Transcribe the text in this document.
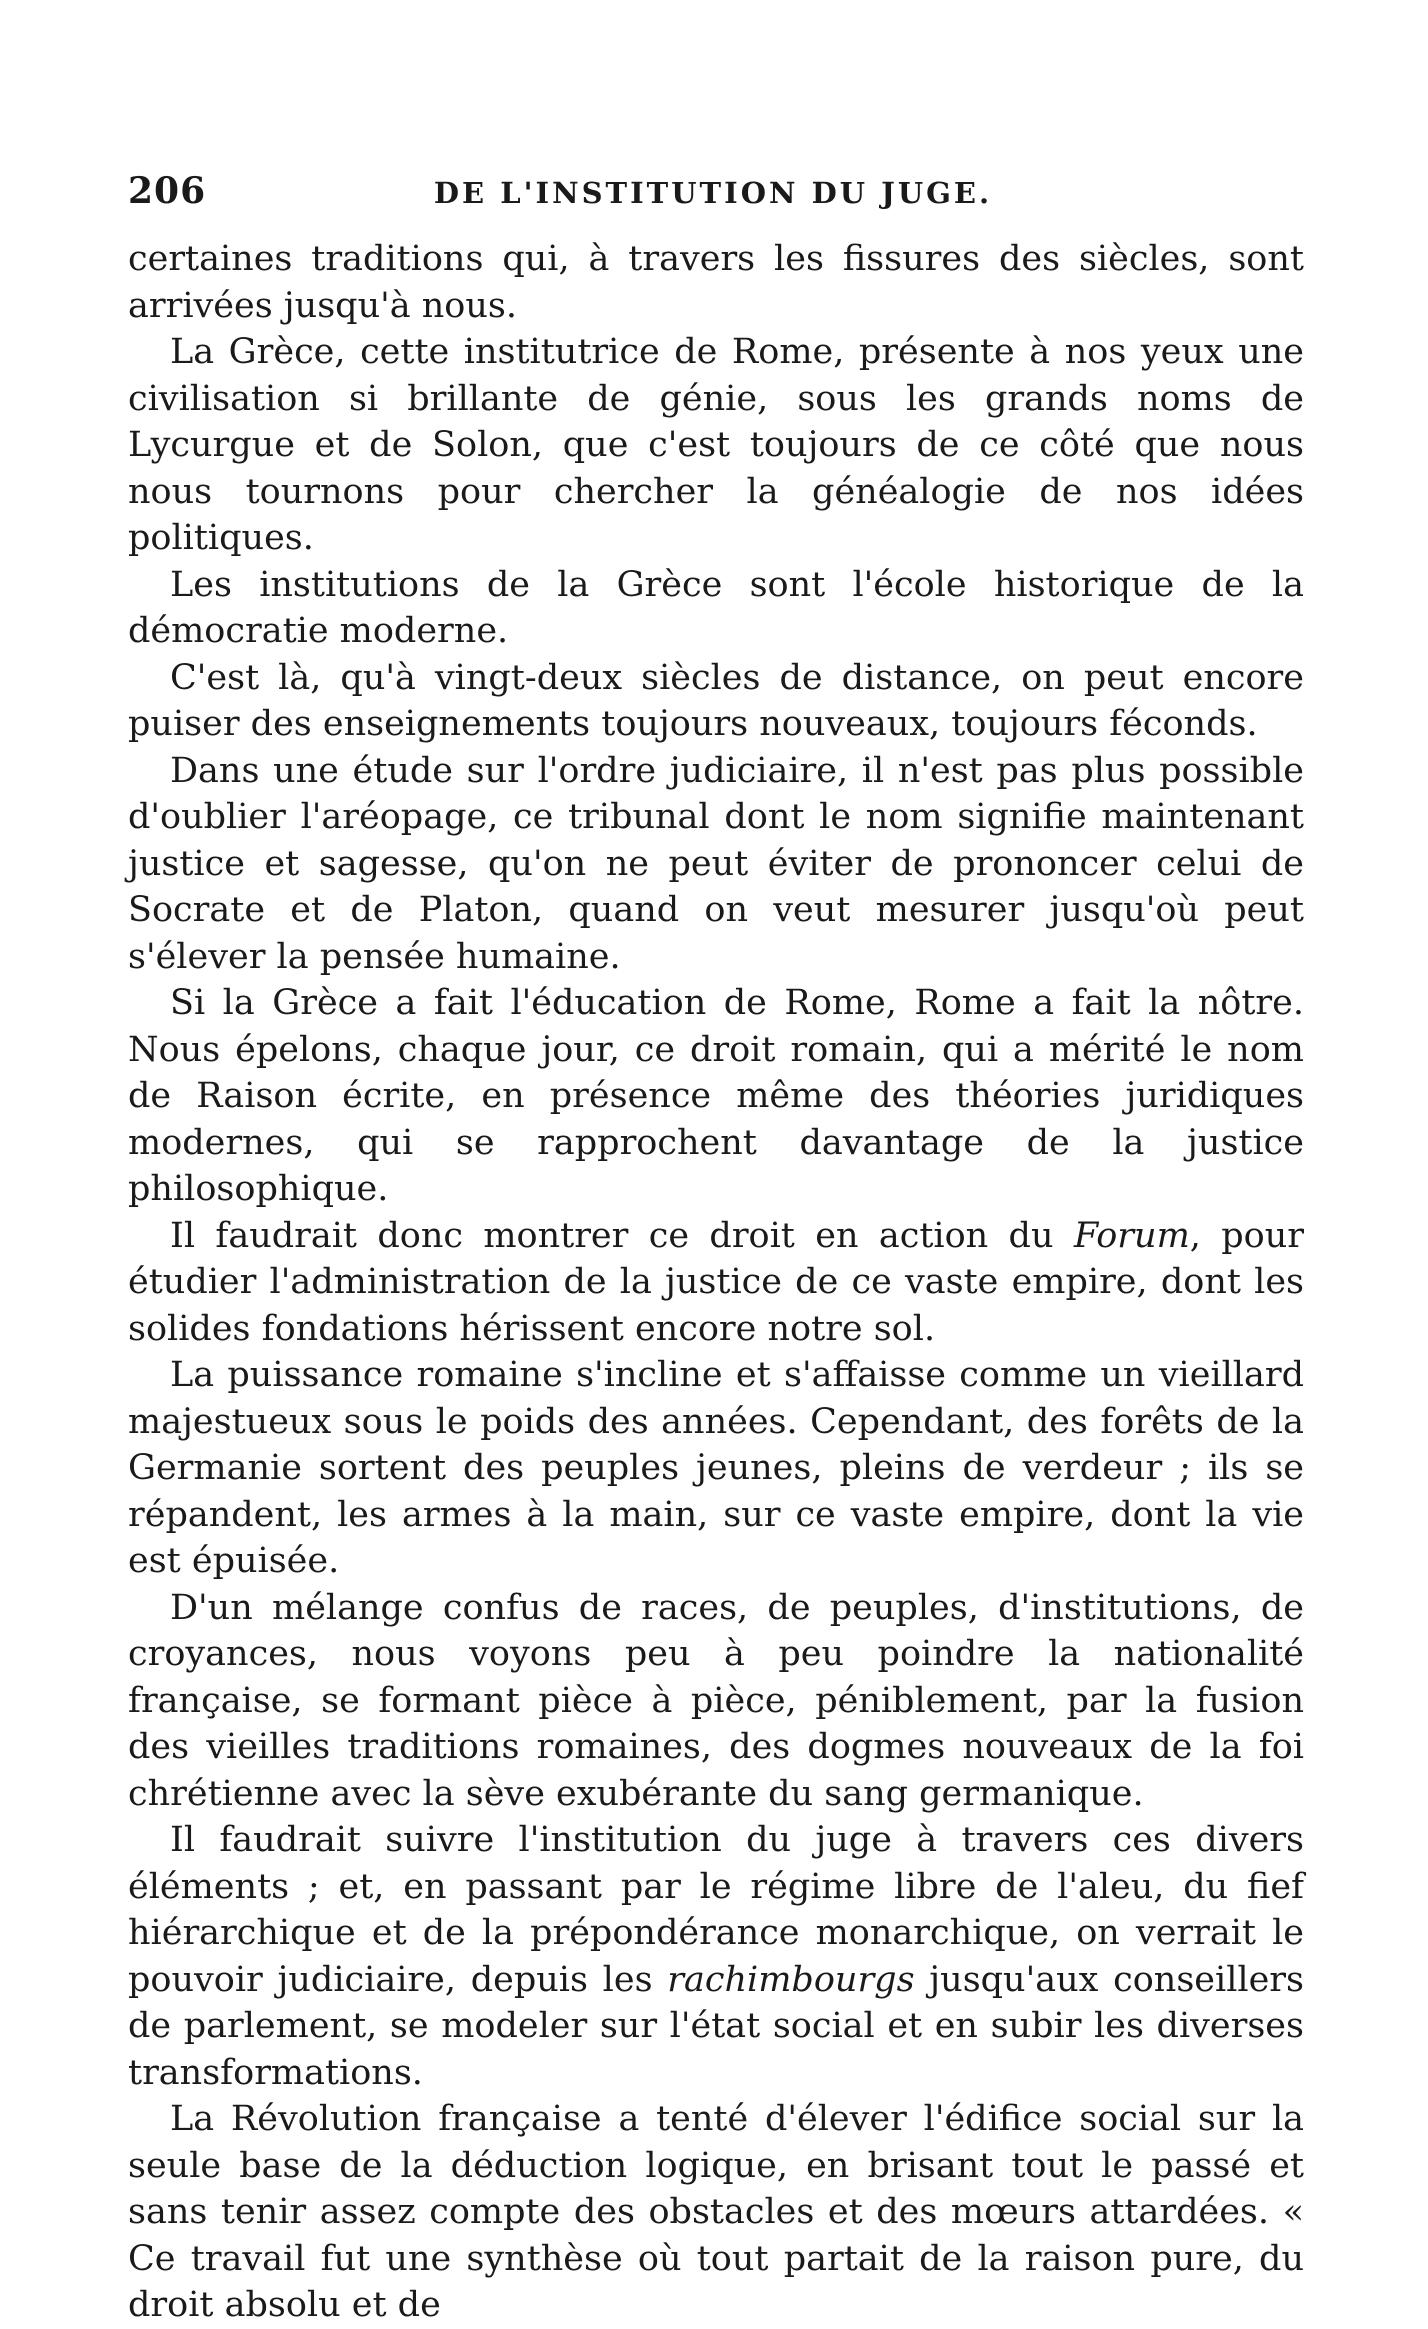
206	DE L'INSTITUTION DU JUGE.

certaines traditions qui, à travers les fissures des siècles, sont arrivées jusqu'à nous.

La Grèce, cette institutrice de Rome, présente à nos yeux une civilisation si brillante de génie, sous les grands noms de Lycurgue et de Solon, que c'est toujours de ce côté que nous nous tournons pour chercher la généalogie de nos idées politiques.

Les institutions de la Grèce sont l'école historique de la démocratie moderne.

C'est là, qu'à vingt-deux siècles de distance, on peut encore puiser des enseignements toujours nouveaux, toujours féconds.

Dans une étude sur l'ordre judiciaire, il n'est pas plus possible d'oublier l'aréopage, ce tribunal dont le nom signifie maintenant justice et sagesse, qu'on ne peut éviter de prononcer celui de Socrate et de Platon, quand on veut mesurer jusqu'où peut s'élever la pensée humaine.

Si la Grèce a fait l'éducation de Rome, Rome a fait la nôtre. Nous épelons, chaque jour, ce droit romain, qui a mérité le nom de Raison écrite, en présence même des théories juridiques modernes, qui se rapprochent davantage de la justice philosophique.

Il faudrait donc montrer ce droit en action du Forum, pour étudier l'administration de la justice de ce vaste empire, dont les solides fondations hérissent encore notre sol.

La puissance romaine s'incline et s'affaisse comme un vieillard majestueux sous le poids des années. Cependant, des forêts de la Germanie sortent des peuples jeunes, pleins de verdeur ; ils se répandent, les armes à la main, sur ce vaste empire, dont la vie est épuisée.

D'un mélange confus de races, de peuples, d'institutions, de croyances, nous voyons peu à peu poindre la nationalité française, se formant pièce à pièce, péniblement, par la fusion des vieilles traditions romaines, des dogmes nouveaux de la foi chrétienne avec la sève exubérante du sang germanique.

Il faudrait suivre l'institution du juge à travers ces divers éléments ; et, en passant par le régime libre de l'aleu, du fief hiérarchique et de la prépondérance monarchique, on verrait le pouvoir judiciaire, depuis les rachimbourgs jusqu'aux conseillers de parlement, se modeler sur l'état social et en subir les diverses transformations.

La Révolution française a tenté d'élever l'édifice social sur la seule base de la déduction logique, en brisant tout le passé et sans tenir assez compte des obstacles et des mœurs attardées. « Ce travail fut une synthèse où tout partait de la raison pure, du droit absolu et de
